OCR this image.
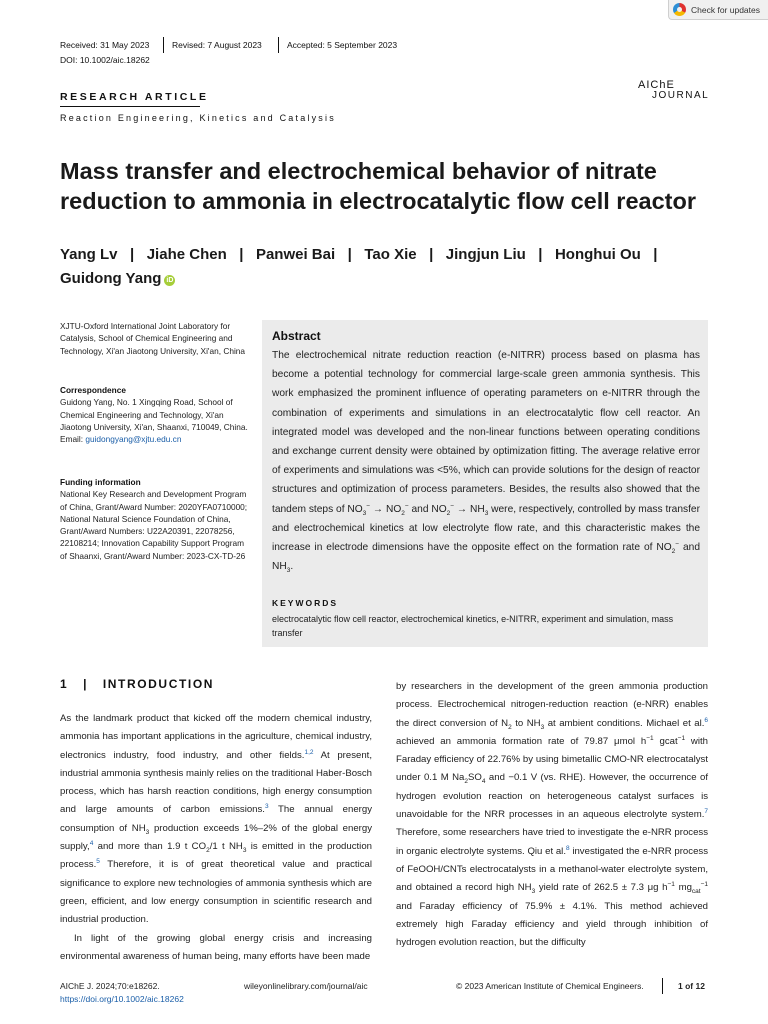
Check for updates
Received: 31 May 2023	Revised: 7 August 2023	Accepted: 5 September 2023
DOI: 10.1002/aic.18262
AIChE
JOURNAL
RESEARCH ARTICLE
Reaction Engineering, Kinetics and Catalysis
Mass transfer and electrochemical behavior of nitrate reduction to ammonia in electrocatalytic flow cell reactor
Yang Lv   |   Jiahe Chen   |   Panwei Bai   |   Tao Xie   |   Jingjun Liu   |   Honghui Ou   |
Guidong Yang iD
XJTU-Oxford International Joint Laboratory for Catalysis, School of Chemical Engineering and Technology, Xi'an Jiaotong University, Xi'an, China
Correspondence
Guidong Yang, No. 1 Xingqing Road, School of Chemical Engineering and Technology, Xi'an Jiaotong University, Xi'an, Shaanxi, 710049, China.
Email: guidongyang@xjtu.edu.cn
Funding information
National Key Research and Development Program of China, Grant/Award Number: 2020YFA0710000; National Natural Science Foundation of China, Grant/Award Numbers: U22A20391, 22078256, 22108214; Innovation Capability Support Program of Shaanxi, Grant/Award Number: 2023-CX-TD-26
Abstract
The electrochemical nitrate reduction reaction (e-NITRR) process based on plasma has become a potential technology for commercial large-scale green ammonia synthesis. This work emphasized the prominent influence of operating parameters on e-NITRR through the combination of experiments and simulations in an electrocatalytic flow cell reactor. An integrated model was developed and the non-linear functions between operating conditions and exchange current density were obtained by optimization fitting. The average relative error of experiments and simulations was <5%, which can provide solutions for the design of reactor structures and optimization of process parameters. Besides, the results also showed that the tandem steps of $NO_3^- \to NO_2^-$ and $NO_2^- \to NH_3$ were, respectively, controlled by mass transfer and electrochemical kinetics at low electrolyte flow rate, and this characteristic makes the increase in electrode dimensions have the opposite effect on the formation rate of $NO_2^-$ and $NH_3$.
KEYWORDS
electrocatalytic flow cell reactor, electrochemical kinetics, e-NITRR, experiment and simulation, mass transfer
1   |   INTRODUCTION

As the landmark product that kicked off the modern chemical industry, ammonia has important applications in the agriculture, chemical industry, electronics industry, food industry, and other fields.$^{1,2}$ At present, industrial ammonia synthesis mainly relies on the traditional Haber-Bosch process, which has harsh reaction conditions, high energy consumption and large amounts of carbon emissions.$^3$ The annual energy consumption of $NH_3$ production exceeds 1%–2% of the global energy supply,$^4$ and more than 1.9 t $CO_2/1$ t $NH_3$ is emitted in the production process.$^5$ Therefore, it is of great theoretical value and practical significance to explore new technologies of ammonia synthesis which are green, efficient, and low energy consumption in scientific research and industrial production.

In light of the growing global energy crisis and increasing environmental awareness of human being, many efforts have been made

by researchers in the development of the green ammonia production process. Electrochemical nitrogen-reduction reaction (e-NRR) enables the direct conversion of $N_2$ to $NH_3$ at ambient conditions. Michael et al.$^6$ achieved an ammonia formation rate of 79.87 μmol $h^{-1}$ gcat$^{-1}$ with Faraday efficiency of 22.76% by using bimetallic CMO-NR electrocatalyst under 0.1 M $Na_2SO_4$ and −0.1 V (vs. RHE). However, the occurrence of hydrogen evolution reaction on heterogeneous catalyst surfaces is unavoidable for the NRR processes in an aqueous electrolyte system.$^7$ Therefore, some researchers have tried to investigate the e-NRR process in organic electrolyte systems. Qiu et al.$^8$ investigated the e-NRR process of FeOOH/CNTs electrocatalysts in a methanol-water electrolyte system, and obtained a record high $NH_3$ yield rate of 262.5 ± 7.3 μg $h^{-1}$ $mg_{cat}^{-1}$ and Faraday efficiency of 75.9% ± 4.1%. This method achieved extremely high Faraday efficiency and yield through inhibition of hydrogen evolution reaction, but the difficulty

AIChE J. 2024;70:e18262.
https://doi.org/10.1002/aic.18262
wileyonlinelibrary.com/journal/aic	© 2023 American Institute of Chemical Engineers.	1 of 12
